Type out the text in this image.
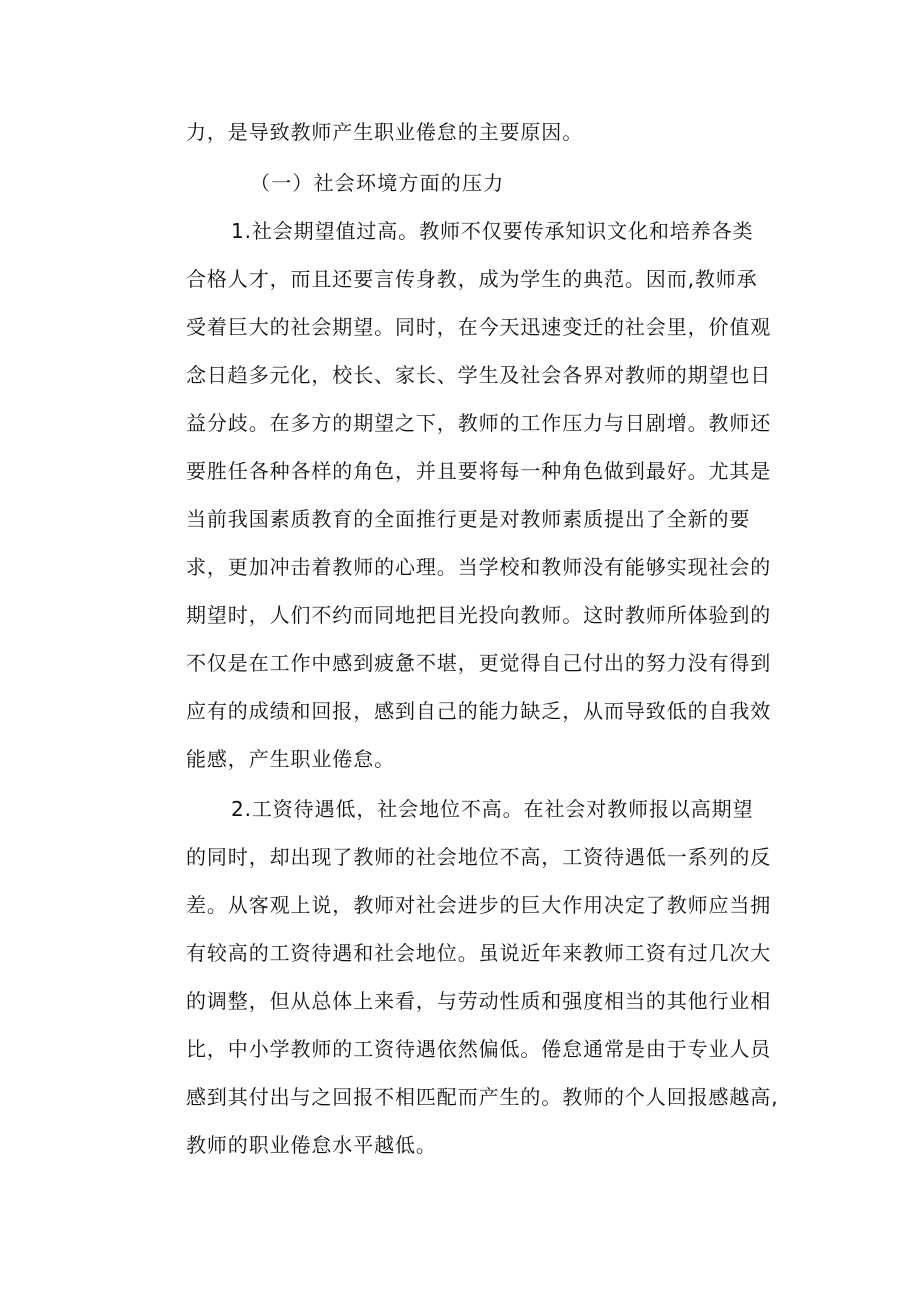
力，是导致教师产生职业倦怠的主要原因。
（一）社会环境方面的压力
1.社会期望值过高。教师不仅要传承知识文化和培养各类
合格人才，而且还要言传身教，成为学生的典范。因而,教师承
受着巨大的社会期望。同时，在今天迅速变迁的社会里，价值观
念日趋多元化，校长、家长、学生及社会各界对教师的期望也日
益分歧。在多方的期望之下，教师的工作压力与日剧增。教师还
要胜任各种各样的角色，并且要将每一种角色做到最好。尤其是
当前我国素质教育的全面推行更是对教师素质提出了全新的要
求，更加冲击着教师的心理。当学校和教师没有能够实现社会的
期望时，人们不约而同地把目光投向教师。这时教师所体验到的
不仅是在工作中感到疲惫不堪，更觉得自己付出的努力没有得到
应有的成绩和回报，感到自己的能力缺乏，从而导致低的自我效
能感，产生职业倦怠。
2.工资待遇低，社会地位不高。在社会对教师报以高期望
的同时，却出现了教师的社会地位不高，工资待遇低一系列的反
差。从客观上说，教师对社会进步的巨大作用决定了教师应当拥
有较高的工资待遇和社会地位。虽说近年来教师工资有过几次大
的调整，但从总体上来看，与劳动性质和强度相当的其他行业相
比，中小学教师的工资待遇依然偏低。倦怠通常是由于专业人员
感到其付出与之回报不相匹配而产生的。教师的个人回报感越高,
教师的职业倦怠水平越低。
